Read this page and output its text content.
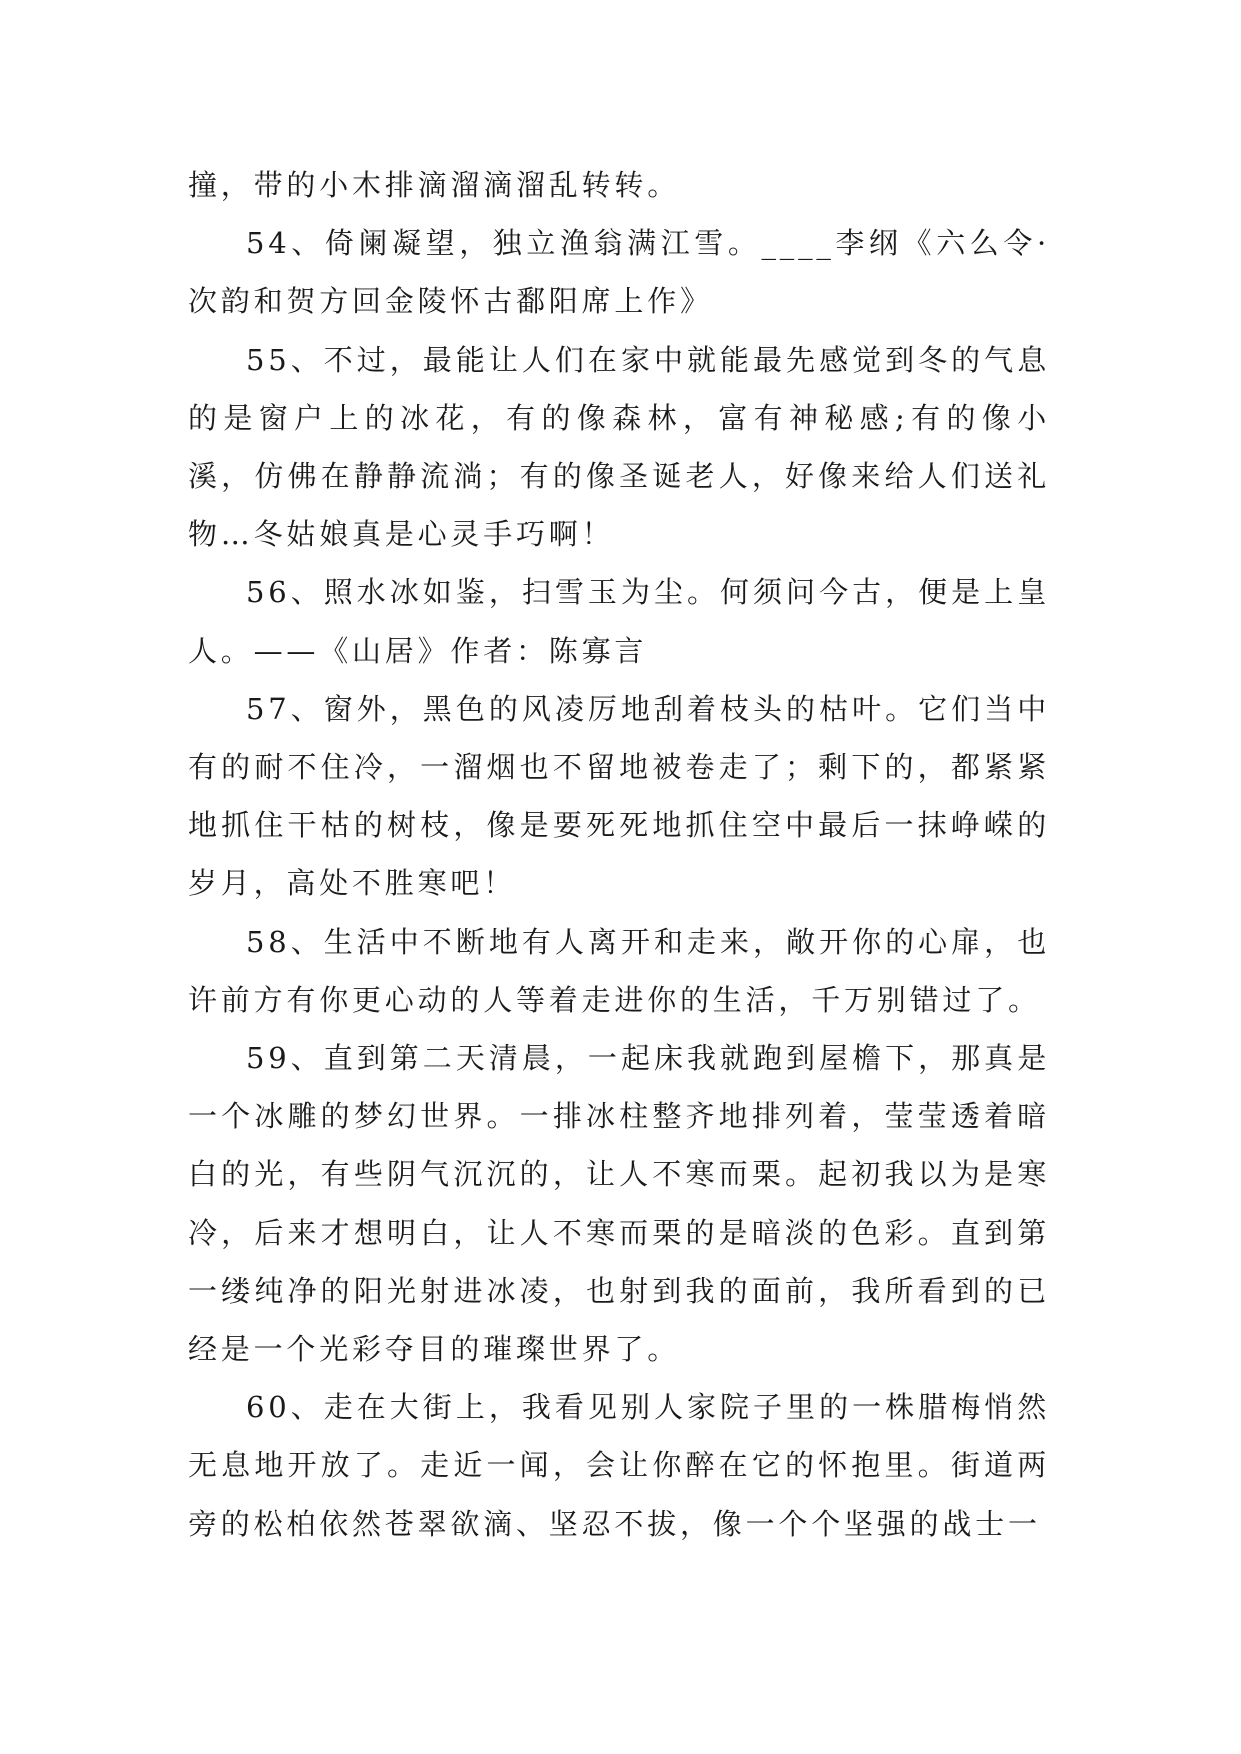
撞，带的小木排滴溜滴溜乱转转。

54、倚阑凝望，独立渔翁满江雪。____李纲《六么令·次韵和贺方回金陵怀古鄱阳席上作》

55、不过，最能让人们在家中就能最先感觉到冬的气息的是窗户上的冰花，有的像森林，富有神秘感;有的像小溪，仿佛在静静流淌；有的像圣诞老人，好像来给人们送礼物…冬姑娘真是心灵手巧啊！

56、照水冰如鉴，扫雪玉为尘。何须问今古，便是上皇人。——《山居》作者：陈寡言

57、窗外，黑色的风凌厉地刮着枝头的枯叶。它们当中有的耐不住冷，一溜烟也不留地被卷走了；剩下的，都紧紧地抓住干枯的树枝，像是要死死地抓住空中最后一抹峥嵘的岁月，高处不胜寒吧！

58、生活中不断地有人离开和走来，敞开你的心扉，也许前方有你更心动的人等着走进你的生活，千万别错过了。

59、直到第二天清晨，一起床我就跑到屋檐下，那真是一个冰雕的梦幻世界。一排冰柱整齐地排列着，莹莹透着暗白的光，有些阴气沉沉的，让人不寒而栗。起初我以为是寒冷，后来才想明白，让人不寒而栗的是暗淡的色彩。直到第一缕纯净的阳光射进冰凌，也射到我的面前，我所看到的已经是一个光彩夺目的璀璨世界了。

60、走在大街上，我看见别人家院子里的一株腊梅悄然无息地开放了。走近一闻，会让你醉在它的怀抱里。街道两旁的松柏依然苍翠欲滴、坚忍不拔，像一个个坚强的战士一
